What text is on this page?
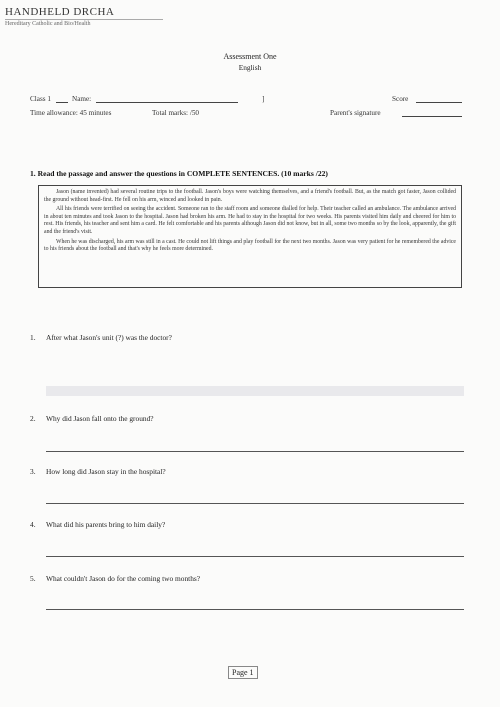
HANDHELD DRCHA
Hereditary Catholic and Bio/Health
Assessment One
English
Class 1	Name:	]	Score
Time allowance: 45 minutes	Total marks: /50	Parent's signature
1. Read the passage and answer the questions in COMPLETE SENTENCES. (10 marks /22)

Jason (name invented) had several routine trips to the football. Jason's boys were watching themselves, and a friend's football. But, as the match got faster, Jason collided the ground without head-first. He fell on his arm, winced and looked in pain.

All his friends were terrified on seeing the accident. Someone ran to the staff room and someone dialled for help. Their teacher called an ambulance. The ambulance arrived in about ten minutes and took Jason to the hospital. Jason had broken his arm. He had to stay in the hospital for two weeks. His parents visited him daily and cheered for him to rest. His friends, his teacher and sent him a card. He felt comfortable and his parents although Jason did not know, but in all, some two months so by the look, apparently, the gift and the friend's visit.

When he was discharged, his arm was still in a cast. He could not lift things and play football for the next two months. Jason was very patient for he remembered the advice to his friends about the football and that's why he feels more determined.

1. After what Jason's unit (?) was the doctor?
2. Why did Jason fall onto the ground?
3. How long did Jason stay in the hospital?
4. What did his parents bring to him daily?
5. What couldn't Jason do for the coming two months?
Page 1
